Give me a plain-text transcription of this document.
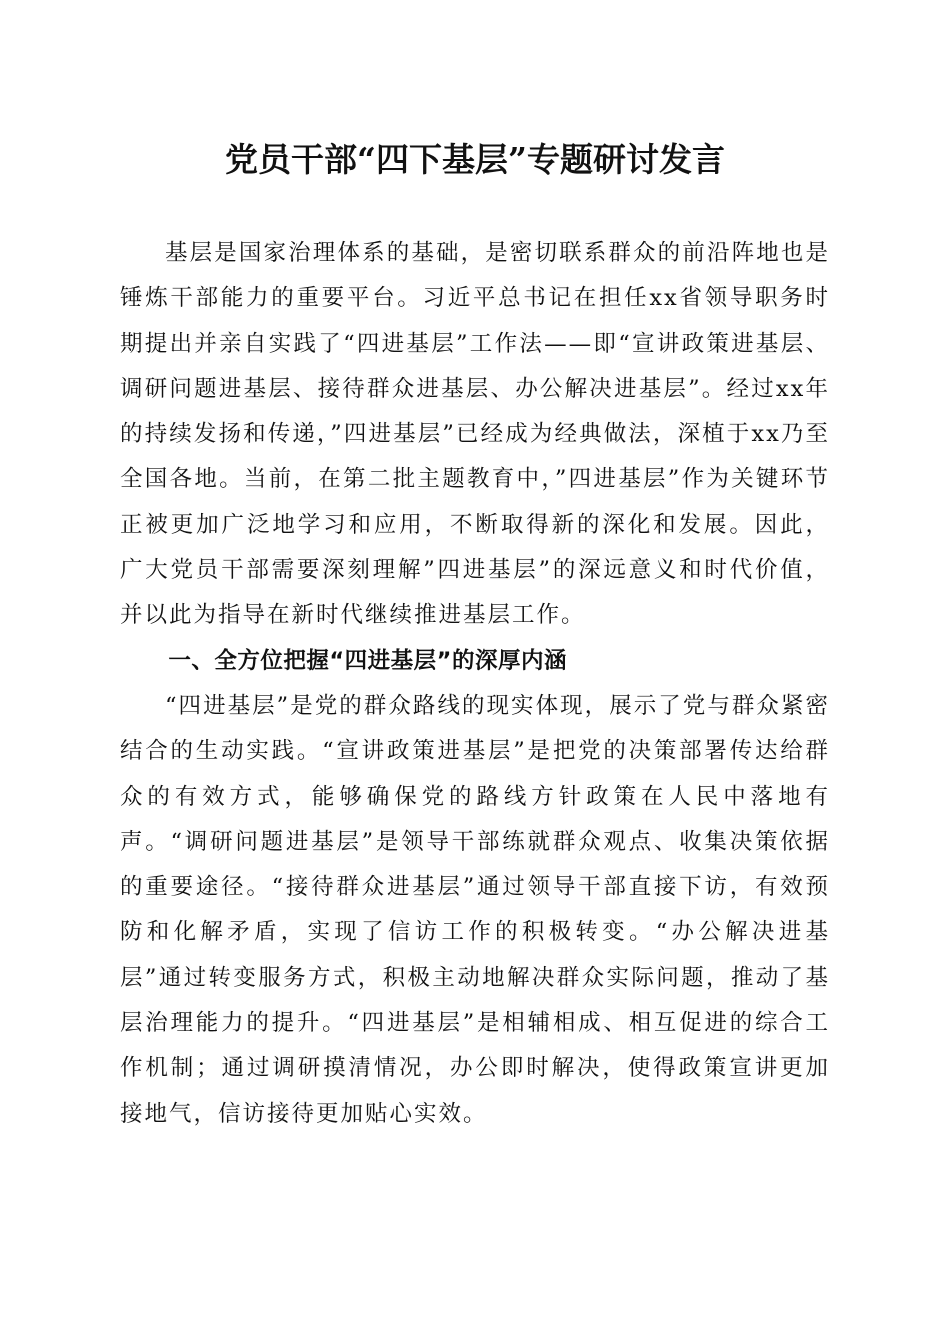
党员干部“四下基层”专题研讨发言

基层是国家治理体系的基础，是密切联系群众的前沿阵地也是锤炼干部能力的重要平台。习近平总书记在担任xx省领导职务时期提出并亲自实践了“四进基层”工作法——即“宣讲政策进基层、调研问题进基层、接待群众进基层、办公解决进基层”。经过xx年的持续发扬和传递，”四进基层”已经成为经典做法，深植于xx乃至全国各地。当前，在第二批主题教育中，”四进基层”作为关键环节正被更加广泛地学习和应用，不断取得新的深化和发展。因此，广大党员干部需要深刻理解”四进基层”的深远意义和时代价值，并以此为指导在新时代继续推进基层工作。

一、全方位把握“四进基层”的深厚内涵

“四进基层”是党的群众路线的现实体现，展示了党与群众紧密结合的生动实践。“宣讲政策进基层”是把党的决策部署传达给群众的有效方式，能够确保党的路线方针政策在人民中落地有声。“调研问题进基层”是领导干部练就群众观点、收集决策依据的重要途径。“接待群众进基层”通过领导干部直接下访，有效预防和化解矛盾，实现了信访工作的积极转变。“办公解决进基层”通过转变服务方式，积极主动地解决群众实际问题，推动了基层治理能力的提升。“四进基层”是相辅相成、相互促进的综合工作机制；通过调研摸清情况，办公即时解决，使得政策宣讲更加接地气，信访接待更加贴心实效。
